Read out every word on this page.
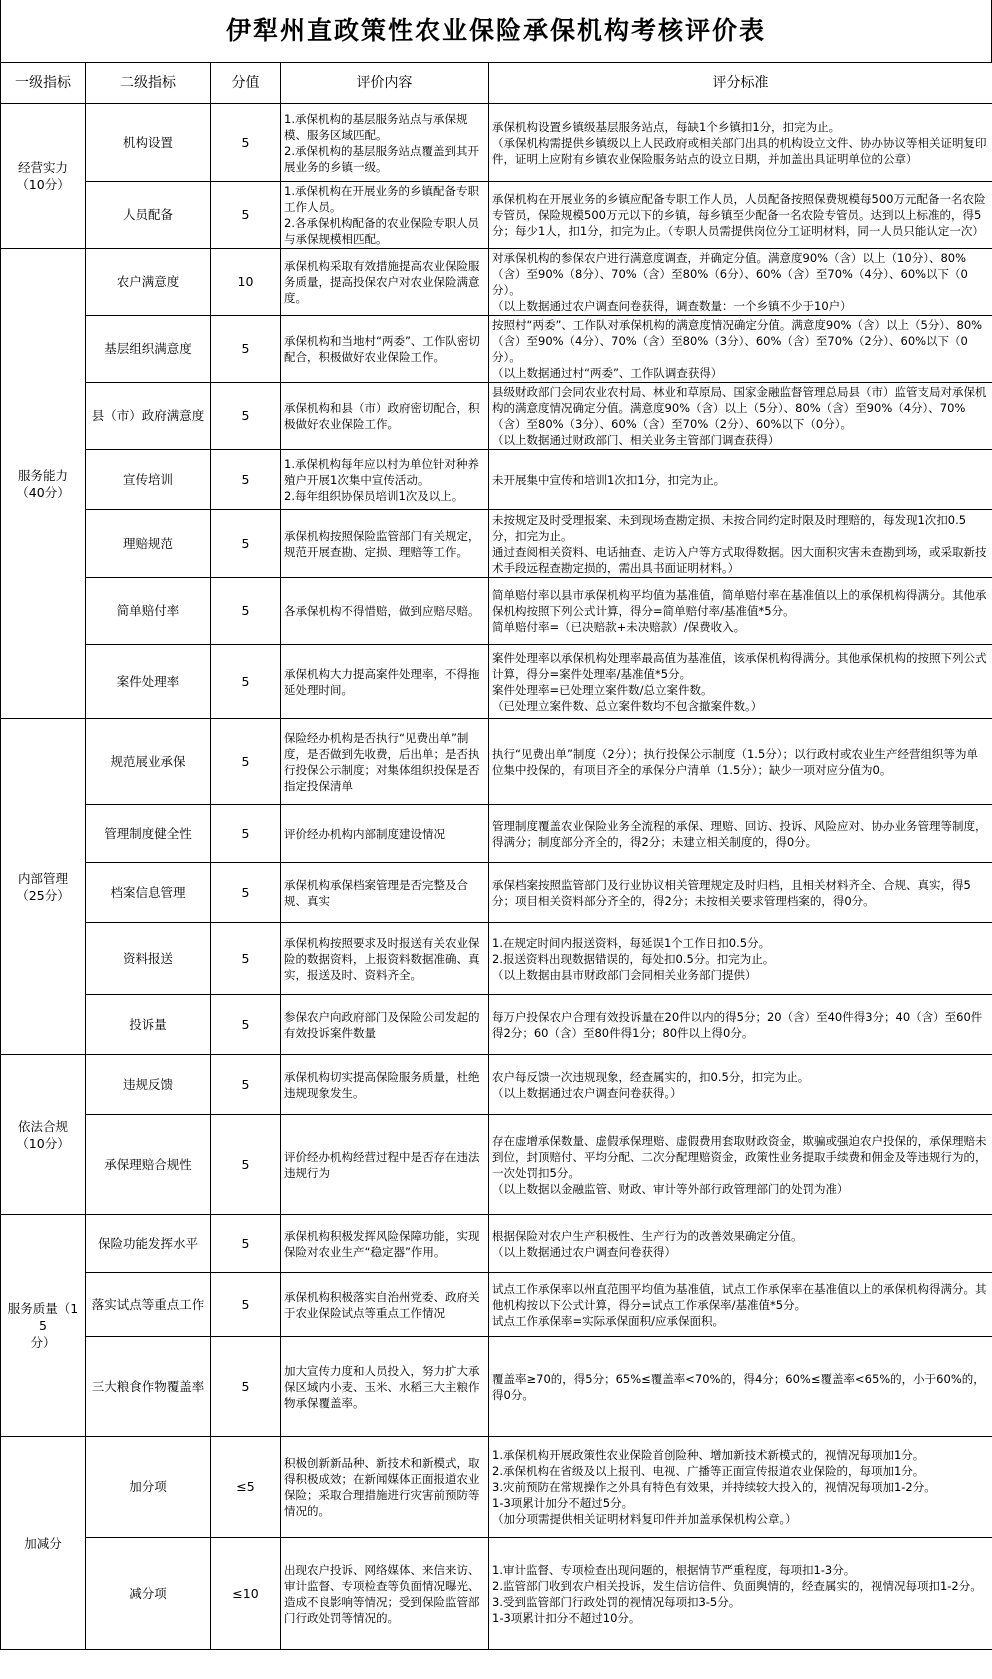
伊犁州直政策性农业保险承保机构考核评价表
一级指标	二级指标	分值	评价内容	评分标准

经营实力
（10分）	机构设置	5	1.承保机构的基层服务站点与承保规模、服务区域匹配。
2.承保机构的基层服务站点覆盖到其开展业务的乡镇一级。	承保机构设置乡镇级基层服务站点，每缺1个乡镇扣1分，扣完为止。
（承保机构需提供乡镇级以上人民政府或相关部门出具的机构设立文件、协办协议等相关证明复印件，证明上应附有乡镇农业保险服务站点的设立日期，并加盖出具证明单位的公章）

	人员配备	5	1.承保机构在开展业务的乡镇配备专职工作人员。
2.各承保机构配备的农业保险专职人员与承保规模相匹配。	承保机构在开展业务的乡镇应配备专职工作人员，人员配备按照保费规模每500万元配备一名农险专管员，保险规模500万元以下的乡镇，每乡镇至少配备一名农险专管员。达到以上标准的，得5分；每少1人，扣1分，扣完为止。（专职人员需提供岗位分工证明材料，同一人员只能认定一次）

服务能力
（40分）	农户满意度	10	承保机构采取有效措施提高农业保险服务质量，提高投保农户对农业保险满意度。	对承保机构的参保农户进行满意度调查，并确定分值。满意度90%（含）以上（10分）、80%（含）至90%（8分）、70%（含）至80%（6分）、60%（含）至70%（4分）、60%以下（0分）。
（以上数据通过农户调查问卷获得，调查数量：一个乡镇不少于10户）

	基层组织满意度	5	承保机构和当地村“两委”、工作队密切配合，积极做好农业保险工作。	按照村“两委”、工作队对承保机构的满意度情况确定分值。满意度90%（含）以上（5分）、80%（含）至90%（4分）、70%（含）至80%（3分）、60%（含）至70%（2分）、60%以下（0分）。
（以上数据通过村“两委”、工作队调查获得）

	县（市）政府满意度	5	承保机构和县（市）政府密切配合，积极做好农业保险工作。	县级财政部门会同农业农村局、林业和草原局、国家金融监督管理总局县（市）监管支局对承保机构的满意度情况确定分值。满意度90%（含）以上（5分）、80%（含）至90%（4分）、70%（含）至80%（3分）、60%（含）至70%（2分）、60%以下（0分）。
（以上数据通过财政部门、相关业务主管部门调查获得）

	宣传培训	5	1.承保机构每年应以村为单位针对种养殖户开展1次集中宣传活动。
2.每年组织协保员培训1次及以上。	未开展集中宣传和培训1次扣1分，扣完为止。

	理赔规范	5	承保机构按照保险监管部门有关规定，规范开展查勘、定损、理赔等工作。	未按规定及时受理报案、未到现场查勘定损、未按合同约定时限及时理赔的，每发现1次扣0.5分，扣完为止。
通过查阅相关资料、电话抽查、走访入户等方式取得数据。因大面积灾害未查勘到场，或采取新技术手段远程查勘定损的，需出具书面证明材料。）

	简单赔付率	5	各承保机构不得惜赔，做到应赔尽赔。	简单赔付率以县市承保机构平均值为基准值，简单赔付率在基准值以上的承保机构得满分。其他承保机构按照下列公式计算，得分=简单赔付率/基准值*5分。
简单赔付率=（已决赔款+未决赔款）/保费收入。

	案件处理率	5	承保机构大力提高案件处理率，不得拖延处理时间。	案件处理率以承保机构处理率最高值为基准值，该承保机构得满分。其他承保机构的按照下列公式计算，得分=案件处理率/基准值*5分。
案件处理率=已处理立案件数/总立案件数。
（已处理立案件数、总立案件数均不包含撤案件数。）

内部管理
（25分）	规范展业承保	5	保险经办机构是否执行“见费出单”制度，是否做到先收费，后出单；是否执行投保公示制度；对集体组织投保是否指定投保清单	执行“见费出单”制度（2分）；执行投保公示制度（1.5分）；以行政村或农业生产经营组织等为单位集中投保的，有项目齐全的承保分户清单（1.5分）；缺少一项对应分值为0。

	管理制度健全性	5	评价经办机构内部制度建设情况	管理制度覆盖农业保险业务全流程的承保、理赔、回访、投诉、风险应对、协办业务管理等制度，得满分；制度部分齐全的，得2分；未建立相关制度的，得0分。

	档案信息管理	5	承保机构承保档案管理是否完整及合规、真实	承保档案按照监管部门及行业协议相关管理规定及时归档，且相关材料齐全、合规、真实，得5分；项目相关资料部分齐全的，得2分；未按相关要求管理档案的，得0分。

	资料报送	5	承保机构按照要求及时报送有关农业保险的数据资料，上报资料数据准确、真实，报送及时、资料齐全。	1.在规定时间内报送资料，每延误1个工作日扣0.5分。
2.报送资料出现数据错误的，每处扣0.5分。扣完为止。
（以上数据由县市财政部门会同相关业务部门提供）

	投诉量	5	参保农户向政府部门及保险公司发起的有效投诉案件数量	每万户投保农户合理有效投诉量在20件以内的得5分；20（含）至40件得3分；40（含）至60件得2分；60（含）至80件得1分；80件以上得0分。

依法合规
（10分）	违规反馈	5	承保机构切实提高保险服务质量，杜绝违规现象发生。	农户每反馈一次违规现象，经查属实的，扣0.5分，扣完为止。
（以上数据通过农户调查问卷获得。）

	承保理赔合规性	5	评价经办机构经营过程中是否存在违法违规行为	存在虚增承保数量、虚假承保理赔、虚假费用套取财政资金，欺骗或强迫农户投保的，承保理赔未到位，封顶赔付、平均分配、二次分配理赔资金，政策性业务提取手续费和佣金及等违规行为的，一次处罚扣5分。
（以上数据以金融监管、财政、审计等外部行政管理部门的处罚为准）

服务质量（15
分）	保险功能发挥水平	5	承保机构积极发挥风险保障功能，实现保险对农业生产“稳定器”作用。	根据保险对农户生产积极性、生产行为的改善效果确定分值。
（以上数据通过农户调查问卷获得）

	落实试点等重点工作	5	承保机构积极落实自治州党委、政府关于农业保险试点等重点工作情况	试点工作承保率以州直范围平均值为基准值，试点工作承保率在基准值以上的承保机构得满分。其他机构按以下公式计算，得分=试点工作承保率/基准值*5分。
试点工作承保率=实际承保面积/应承保面积。

	三大粮食作物覆盖率	5	加大宣传力度和人员投入，努力扩大承保区域内小麦、玉米、水稻三大主粮作物承保覆盖率。	覆盖率≥70的，得5分；65%≤覆盖率<70%的，得4分；60%≤覆盖率<65%的，小于60%的，得0分。

加减分	加分项	≤5	积极创新新品种、新技术和新模式，取得积极成效；在新闻媒体正面报道农业保险；采取合理措施进行灾害前预防等情况的。	1.承保机构开展政策性农业保险首创险种、增加新技术新模式的，视情况每项加1分。
2.承保机构在省级及以上报刊、电视、广播等正面宣传报道农业保险的，每项加1分。
3.灾前预防在常规操作之外具有特色有效果，并持续较大投入的，视情况每项加1-2分。
1-3项累计加分不超过5分。
（加分项需提供相关证明材料复印件并加盖承保机构公章。）

	减分项	≤10	出现农户投诉、网络媒体、来信来访、审计监督、专项检查等负面情况曝光、造成不良影响等情况；受到保险监管部门行政处罚等情况的。	1.审计监督、专项检查出现问题的，根据情节严重程度，每项扣1-3分。
2.监管部门收到农户相关投诉，发生信访信件、负面舆情的，经查属实的，视情况每项扣1-2分。
3.受到监管部门行政处罚的视情况每项扣3-5分。
1-3项累计扣分不超过10分。
